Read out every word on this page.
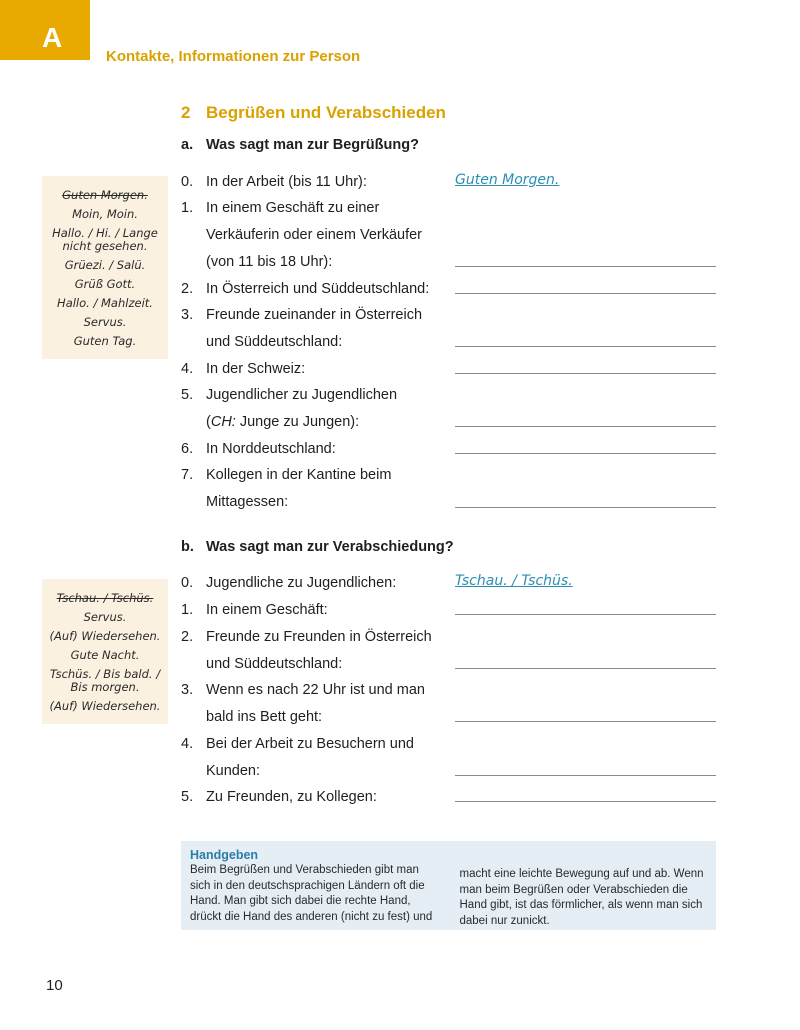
A
Kontakte, Informationen zur Person
2 Begrüßen und Verabschieden
a. Was sagt man zur Begrüßung?
Guten Morgen.
Moin, Moin.
Hallo. / Hi. / Lange nicht gesehen.
Grüezi. / Salü.
Grüß Gott.
Hallo. / Mahlzeit.
Servus.
Guten Tag.
0. In der Arbeit (bis 11 Uhr):	Guten Morgen.
1. In einem Geschäft zu einer
Verkäuferin oder einem Verkäufer
(von 11 bis 18 Uhr):
2. In Österreich und Süddeutschland:
3. Freunde zueinander in Österreich
und Süddeutschland:
4. In der Schweiz:
5. Jugendlicher zu Jugendlichen
(CH: Junge zu Jungen):
6. In Norddeutschland:
7. Kollegen in der Kantine beim
Mittagessen:
b. Was sagt man zur Verabschiedung?
Tschau. / Tschüs.
Servus.
(Auf) Wiedersehen.
Gute Nacht.
Tschüs. / Bis bald. / Bis morgen.
(Auf) Wiedersehen.
0. Jugendliche zu Jugendlichen:	Tschau. / Tschüs.
1. In einem Geschäft:
2. Freunde zu Freunden in Österreich
und Süddeutschland:
3. Wenn es nach 22 Uhr ist und man
bald ins Bett geht:
4. Bei der Arbeit zu Besuchern und
Kunden:
5. Zu Freunden, zu Kollegen:
Handgeben
Beim Begrüßen und Verabschieden gibt man sich in den deutschsprachigen Ländern oft die Hand. Man gibt sich dabei die rechte Hand, drückt die Hand des anderen (nicht zu fest) und
macht eine leichte Bewegung auf und ab. Wenn man beim Begrüßen oder Verabschieden die Hand gibt, ist das förmlicher, als wenn man sich dabei nur zunickt.
10
